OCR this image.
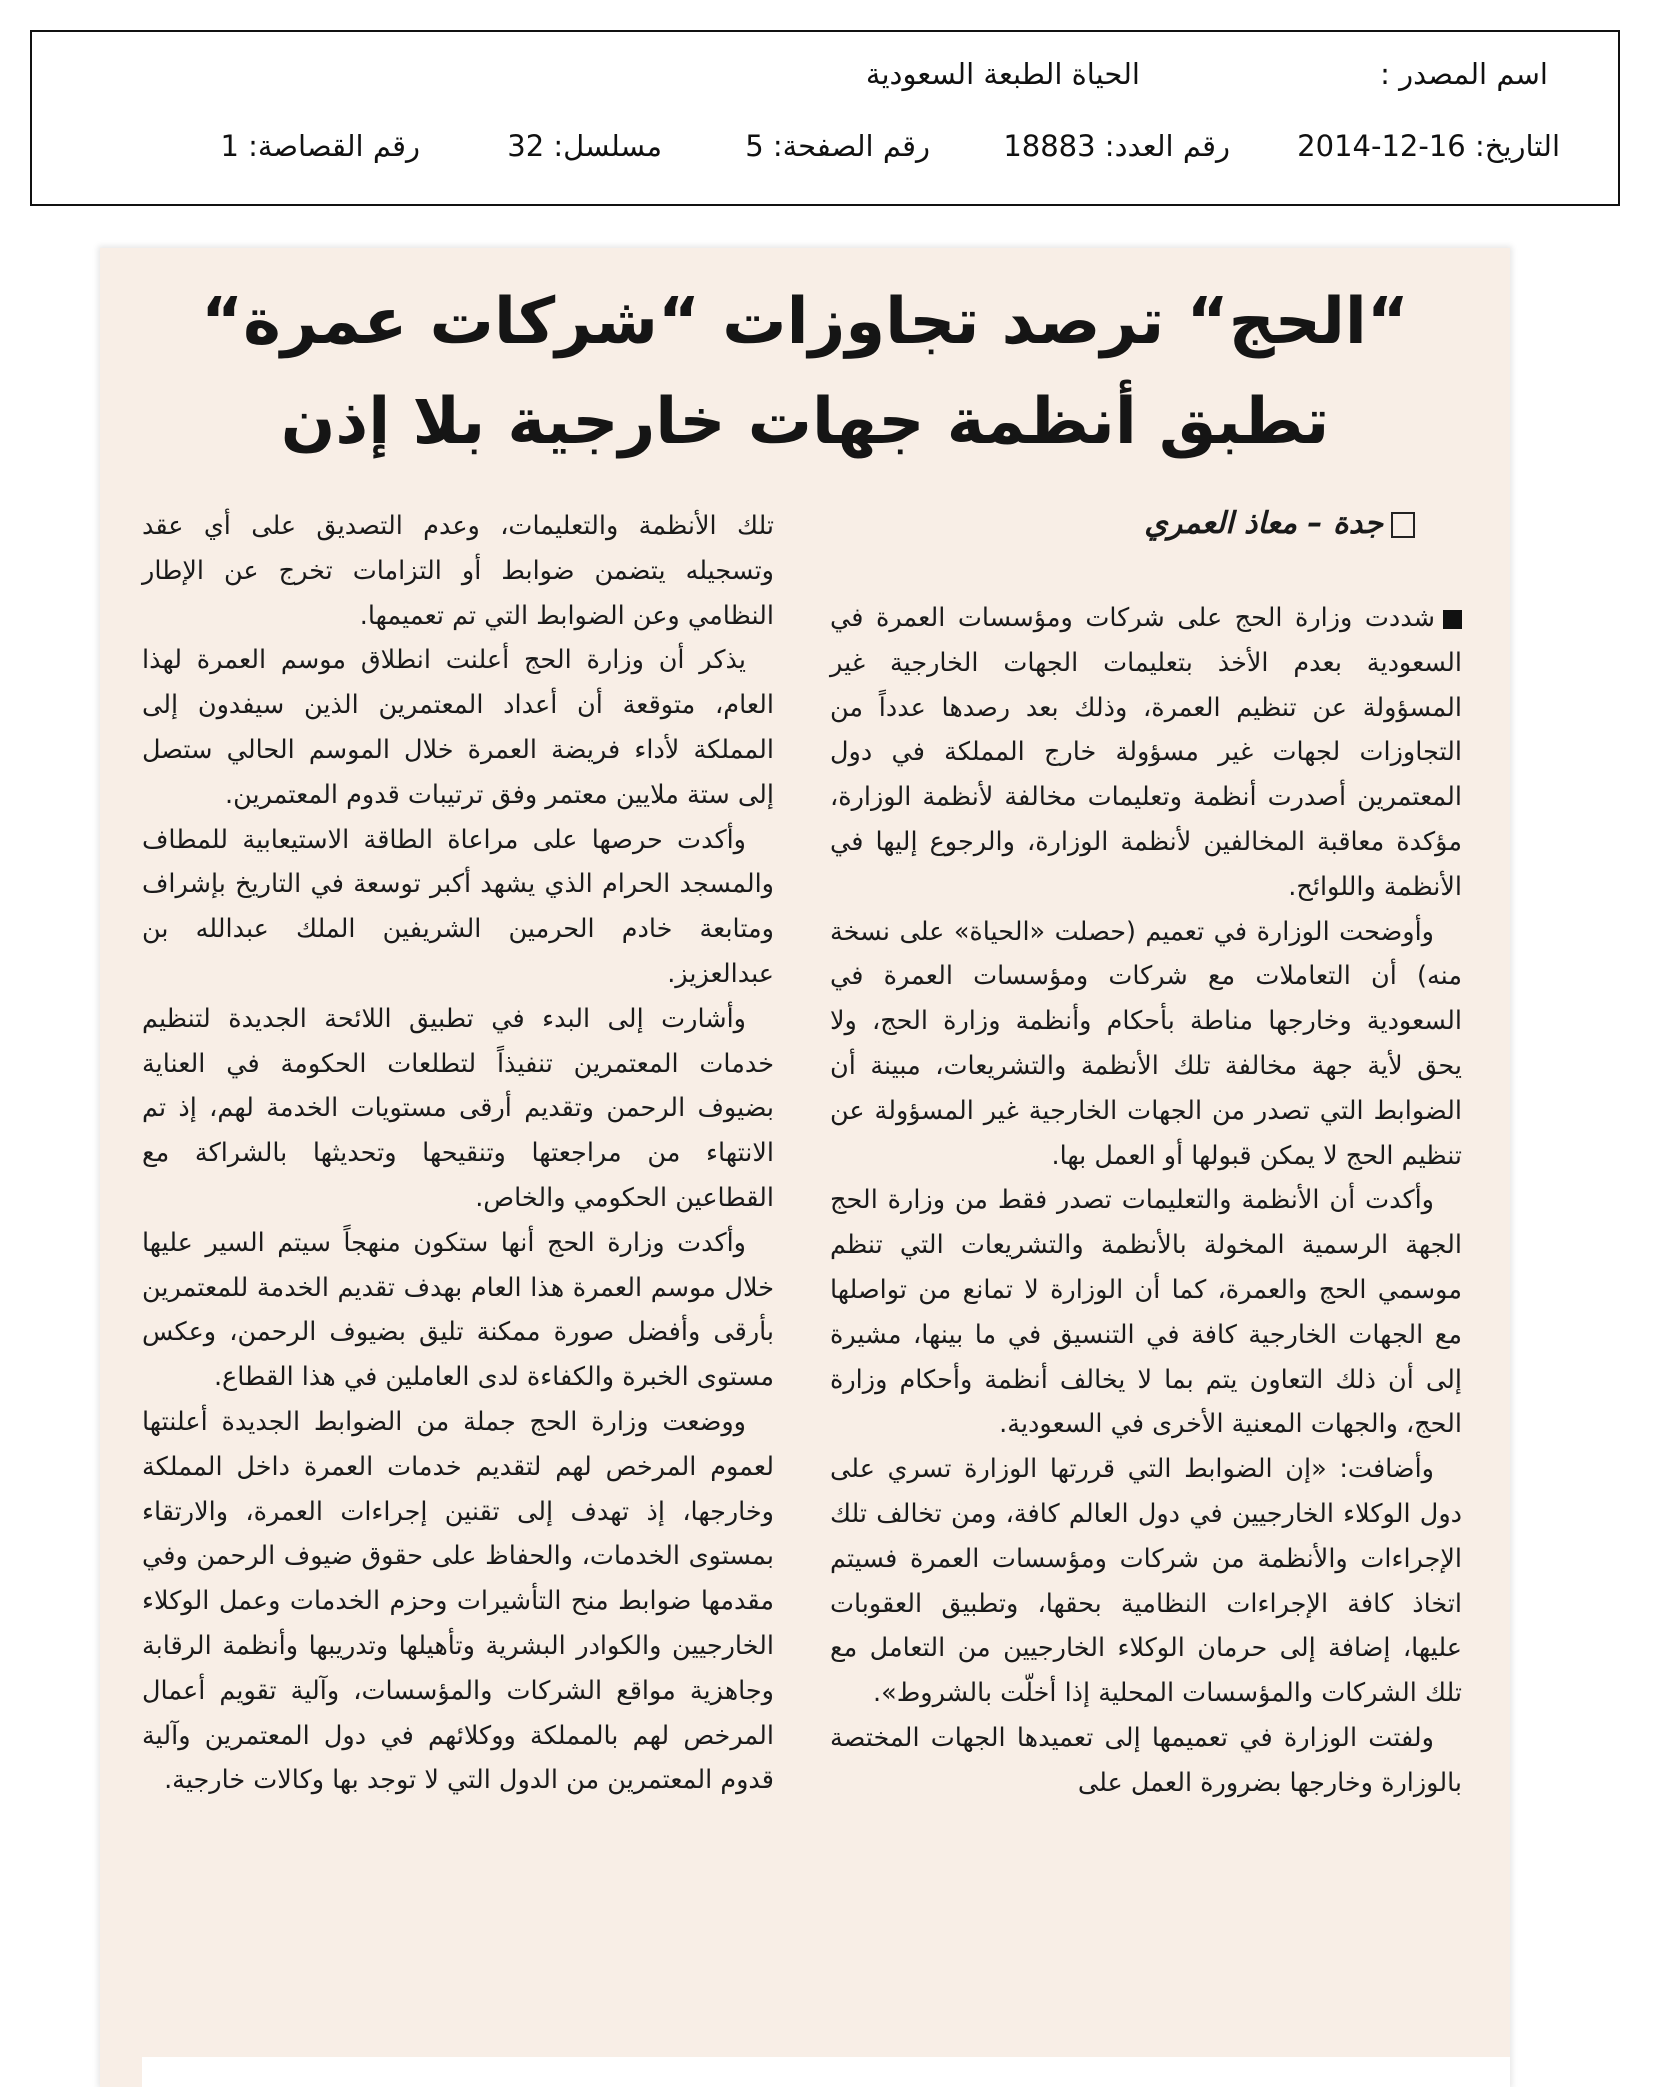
اسم المصدر :
الحياة الطبعة السعودية
التاريخ: 16-12-2014
رقم العدد: 18883
رقم الصفحة: 5
مسلسل: 32
رقم القصاصة: 1
“الحج“ ترصد تجاوزات “شركات عمرة“
تطبق أنظمة جهات خارجية بلا إذن
جدة – معاذ العمري

شددت وزارة الحج على شركات ومؤسسات العمرة في السعودية بعدم الأخذ بتعليمات الجهات الخارجية غير المسؤولة عن تنظيم العمرة، وذلك بعد رصدها عدداً من التجاوزات لجهات غير مسؤولة خارج المملكة في دول المعتمرين أصدرت أنظمة وتعليمات مخالفة لأنظمة الوزارة، مؤكدة معاقبة المخالفين لأنظمة الوزارة، والرجوع إليها في الأنظمة واللوائح.

وأوضحت الوزارة في تعميم (حصلت «الحياة» على نسخة منه) أن التعاملات مع شركات ومؤسسات العمرة في السعودية وخارجها مناطة بأحكام وأنظمة وزارة الحج، ولا يحق لأية جهة مخالفة تلك الأنظمة والتشريعات، مبينة أن الضوابط التي تصدر من الجهات الخارجية غير المسؤولة عن تنظيم الحج لا يمكن قبولها أو العمل بها.

وأكدت أن الأنظمة والتعليمات تصدر فقط من وزارة الحج الجهة الرسمية المخولة بالأنظمة والتشريعات التي تنظم موسمي الحج والعمرة، كما أن الوزارة لا تمانع من تواصلها مع الجهات الخارجية كافة في التنسيق في ما بينها، مشيرة إلى أن ذلك التعاون يتم بما لا يخالف أنظمة وأحكام وزارة الحج، والجهات المعنية الأخرى في السعودية.

وأضافت: «إن الضوابط التي قررتها الوزارة تسري على دول الوكلاء الخارجيين في دول العالم كافة، ومن تخالف تلك الإجراءات والأنظمة من شركات ومؤسسات العمرة فسيتم اتخاذ كافة الإجراءات النظامية بحقها، وتطبيق العقوبات عليها، إضافة إلى حرمان الوكلاء الخارجيين من التعامل مع تلك الشركات والمؤسسات المحلية إذا أخلّت بالشروط».

ولفتت الوزارة في تعميمها إلى تعميدها الجهات المختصة بالوزارة وخارجها بضرورة العمل على

تلك الأنظمة والتعليمات، وعدم التصديق على أي عقد وتسجيله يتضمن ضوابط أو التزامات تخرج عن الإطار النظامي وعن الضوابط التي تم تعميمها.

يذكر أن وزارة الحج أعلنت انطلاق موسم العمرة لهذا العام، متوقعة أن أعداد المعتمرين الذين سيفدون إلى المملكة لأداء فريضة العمرة خلال الموسم الحالي ستصل إلى ستة ملايين معتمر وفق ترتيبات قدوم المعتمرين.

وأكدت حرصها على مراعاة الطاقة الاستيعابية للمطاف والمسجد الحرام الذي يشهد أكبر توسعة في التاريخ بإشراف ومتابعة خادم الحرمين الشريفين الملك عبدالله بن عبدالعزيز.

وأشارت إلى البدء في تطبيق اللائحة الجديدة لتنظيم خدمات المعتمرين تنفيذاً لتطلعات الحكومة في العناية بضيوف الرحمن وتقديم أرقى مستويات الخدمة لهم، إذ تم الانتهاء من مراجعتها وتنقيحها وتحديثها بالشراكة مع القطاعين الحكومي والخاص.

وأكدت وزارة الحج أنها ستكون منهجاً سيتم السير عليها خلال موسم العمرة هذا العام بهدف تقديم الخدمة للمعتمرين بأرقى وأفضل صورة ممكنة تليق بضيوف الرحمن، وعكس مستوى الخبرة والكفاءة لدى العاملين في هذا القطاع.

ووضعت وزارة الحج جملة من الضوابط الجديدة أعلنتها لعموم المرخص لهم لتقديم خدمات العمرة داخل المملكة وخارجها، إذ تهدف إلى تقنين إجراءات العمرة، والارتقاء بمستوى الخدمات، والحفاظ على حقوق ضيوف الرحمن وفي مقدمها ضوابط منح التأشيرات وحزم الخدمات وعمل الوكلاء الخارجيين والكوادر البشرية وتأهيلها وتدريبها وأنظمة الرقابة وجاهزية مواقع الشركات والمؤسسات، وآلية تقويم أعمال المرخص لهم بالمملكة ووكلائهم في دول المعتمرين وآلية قدوم المعتمرين من الدول التي لا توجد بها وكالات خارجية.
